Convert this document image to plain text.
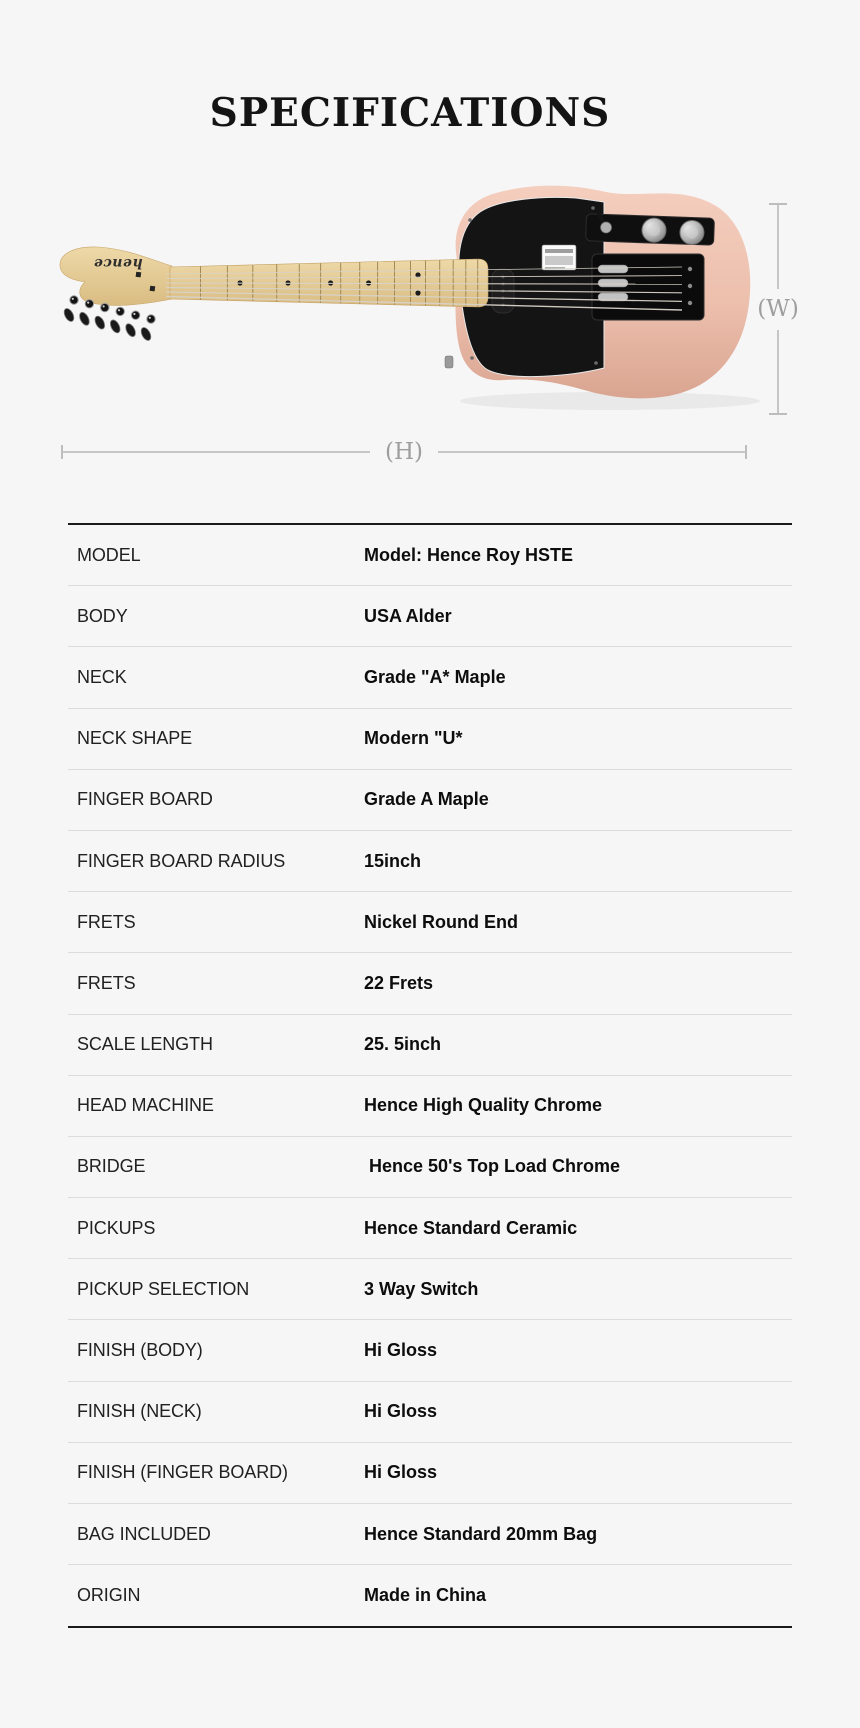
SPECIFICATIONS
hence
(W)
(H)
MODEL	Model: Hence Roy HSTE
BODY	USA Alder
NECK	Grade "A* Maple
NECK SHAPE	Modern "U*
FINGER BOARD	Grade A Maple
FINGER BOARD RADIUS	15inch
FRETS	Nickel Round End
FRETS	22 Frets
SCALE LENGTH	25. 5inch
HEAD MACHINE	Hence High Quality Chrome
BRIDGE	Hence 50's Top Load Chrome
PICKUPS	Hence Standard Ceramic
PICKUP SELECTION	3 Way Switch
FINISH (BODY)	Hi Gloss
FINISH (NECK)	Hi Gloss
FINISH (FINGER BOARD)	Hi Gloss
BAG INCLUDED	Hence Standard 20mm Bag
ORIGIN	Made in China
